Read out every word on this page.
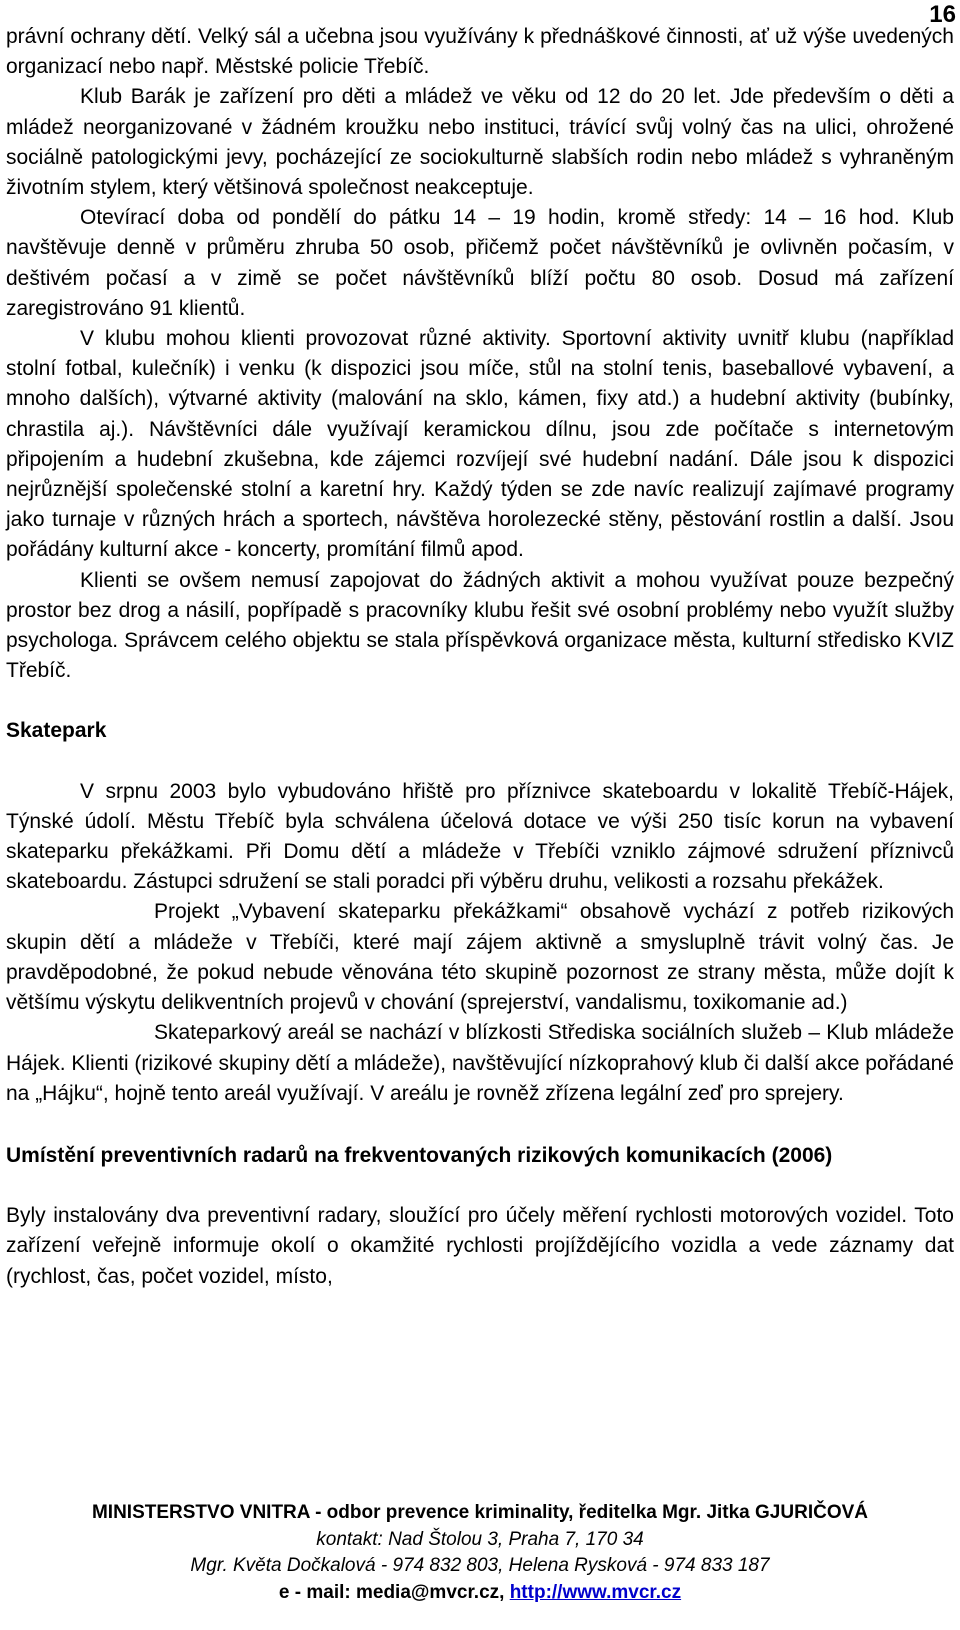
16

právní ochrany dětí. Velký sál a učebna jsou využívány k přednáškové činnosti, ať už výše uvedených organizací nebo např. Městské policie Třebíč.

Klub Barák je zařízení pro děti a mládež ve věku od 12 do 20 let. Jde především o děti a mládež neorganizované v žádném kroužku nebo instituci, trávící svůj volný čas na ulici, ohrožené sociálně patologickými jevy, pocházející ze sociokulturně slabších rodin nebo mládež s vyhraněným životním stylem, který většinová společnost neakceptuje.

Otevírací doba od pondělí do pátku 14 – 19 hodin, kromě středy: 14 – 16 hod. Klub navštěvuje denně v průměru zhruba 50 osob, přičemž počet návštěvníků je ovlivněn počasím, v deštivém počasí a v zimě se počet návštěvníků blíží počtu 80 osob. Dosud má zařízení zaregistrováno 91 klientů.

V klubu mohou klienti provozovat různé aktivity. Sportovní aktivity uvnitř klubu (například stolní fotbal, kulečník) i venku (k dispozici jsou míče, stůl na stolní tenis, baseballové vybavení, a mnoho dalších), výtvarné aktivity (malování na sklo, kámen, fixy atd.) a hudební aktivity (bubínky, chrastila aj.). Návštěvníci dále využívají keramickou dílnu, jsou zde počítače s internetovým připojením a hudební zkušebna, kde zájemci rozvíjejí své hudební nadání. Dále jsou k dispozici nejrůznější společenské stolní a karetní hry. Každý týden se zde navíc realizují zajímavé programy jako turnaje v různých hrách a sportech, návštěva horolezecké stěny, pěstování rostlin a další. Jsou pořádány kulturní akce - koncerty, promítání filmů apod.

Klienti se ovšem nemusí zapojovat do žádných aktivit a mohou využívat pouze bezpečný prostor bez drog a násilí, popřípadě s pracovníky klubu řešit své osobní problémy nebo využít služby psychologa. Správcem celého objektu se stala příspěvková organizace města, kulturní středisko KVIZ Třebíč.

Skatepark

V srpnu 2003 bylo vybudováno hřiště pro příznivce skateboardu v lokalitě Třebíč-Hájek, Týnské údolí. Městu Třebíč byla schválena účelová dotace ve výši 250 tisíc korun na vybavení skateparku překážkami. Při Domu dětí a mládeže v Třebíči vzniklo zájmové sdružení příznivců skateboardu. Zástupci sdružení se stali poradci při výběru druhu, velikosti a rozsahu překážek.

Projekt „Vybavení skateparku překážkami“ obsahově vychází z potřeb rizikových skupin dětí a mládeže v Třebíči, které mají zájem aktivně a smysluplně trávit volný čas. Je pravděpodobné, že pokud nebude věnována této skupině pozornost ze strany města, může dojít k většímu výskytu delikventních projevů v chování (sprejerství, vandalismu, toxikomanie ad.)

Skateparkový areál se nachází v blízkosti Střediska sociálních služeb – Klub mládeže Hájek. Klienti (rizikové skupiny dětí a mládeže), navštěvující nízkoprahový klub či další akce pořádané na „Hájku“, hojně tento areál využívají. V areálu je rovněž zřízena legální zeď pro sprejery.

Umístění preventivních radarů na frekventovaných rizikových komunikacích (2006)

Byly instalovány dva preventivní radary, sloužící pro účely měření rychlosti motorových vozidel. Toto zařízení veřejně informuje okolí o okamžité rychlosti projíždějícího vozidla a vede záznamy dat (rychlost, čas, počet vozidel, místo,

MINISTERSTVO VNITRA - odbor prevence kriminality, ředitelka Mgr. Jitka GJURIČOVÁ
kontakt: Nad Štolou 3, Praha 7, 170 34
Mgr. Květa Dočkalová - 974 832 803, Helena Rysková - 974 833 187
e - mail: media@mvcr.cz, http://www.mvcr.cz
